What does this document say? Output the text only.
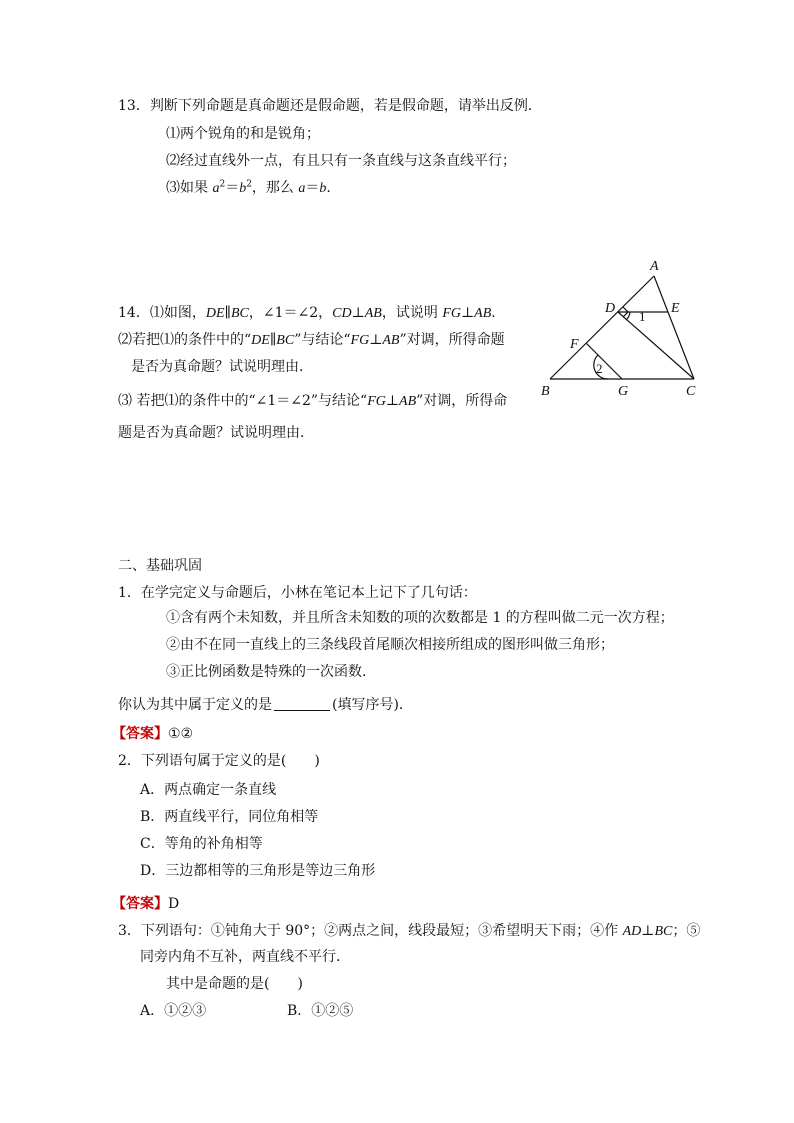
13．判断下列命题是真命题还是假命题，若是假命题，请举出反例．
⑴两个锐角的和是锐角；
⑵经过直线外一点，有且只有一条直线与这条直线平行；
⑶如果 $a^2=b^2$，那么 a＝b.
14．⑴如图，DE∥BC，∠1＝∠2，CD⊥AB，试说明 FG⊥AB.
⑵若把⑴的条件中的“DE∥BC”与结论“FG⊥AB”对调，所得命题
是否为真命题？试说明理由．
⑶ 若把⑴的条件中的“∠1＝∠2”与结论“FG⊥AB”对调，所得命
题是否为真命题？试说明理由．
A
D	E
1
F
2
B	G	C
二、基础巩固
1．在学完定义与命题后，小林在笔记本上记下了几句话：
①含有两个未知数，并且所含未知数的项的次数都是 1 的方程叫做二元一次方程；
②由不在同一直线上的三条线段首尾顺次相接所组成的图形叫做三角形；
③正比例函数是特殊的一次函数.
你认为其中属于定义的是	(填写序号)．
【答案】①②
2．下列语句属于定义的是(　　)
A．两点确定一条直线
B．两直线平行，同位角相等
C．等角的补角相等
D．三边都相等的三角形是等边三角形
【答案】D
3．下列语句：①钝角大于 90°；②两点之间，线段最短；③希望明天下雨；④作 AD⊥BC；⑤
同旁内角不互补，两直线不平行．
其中是命题的是(　　)
A．①②③	B．①②⑤
